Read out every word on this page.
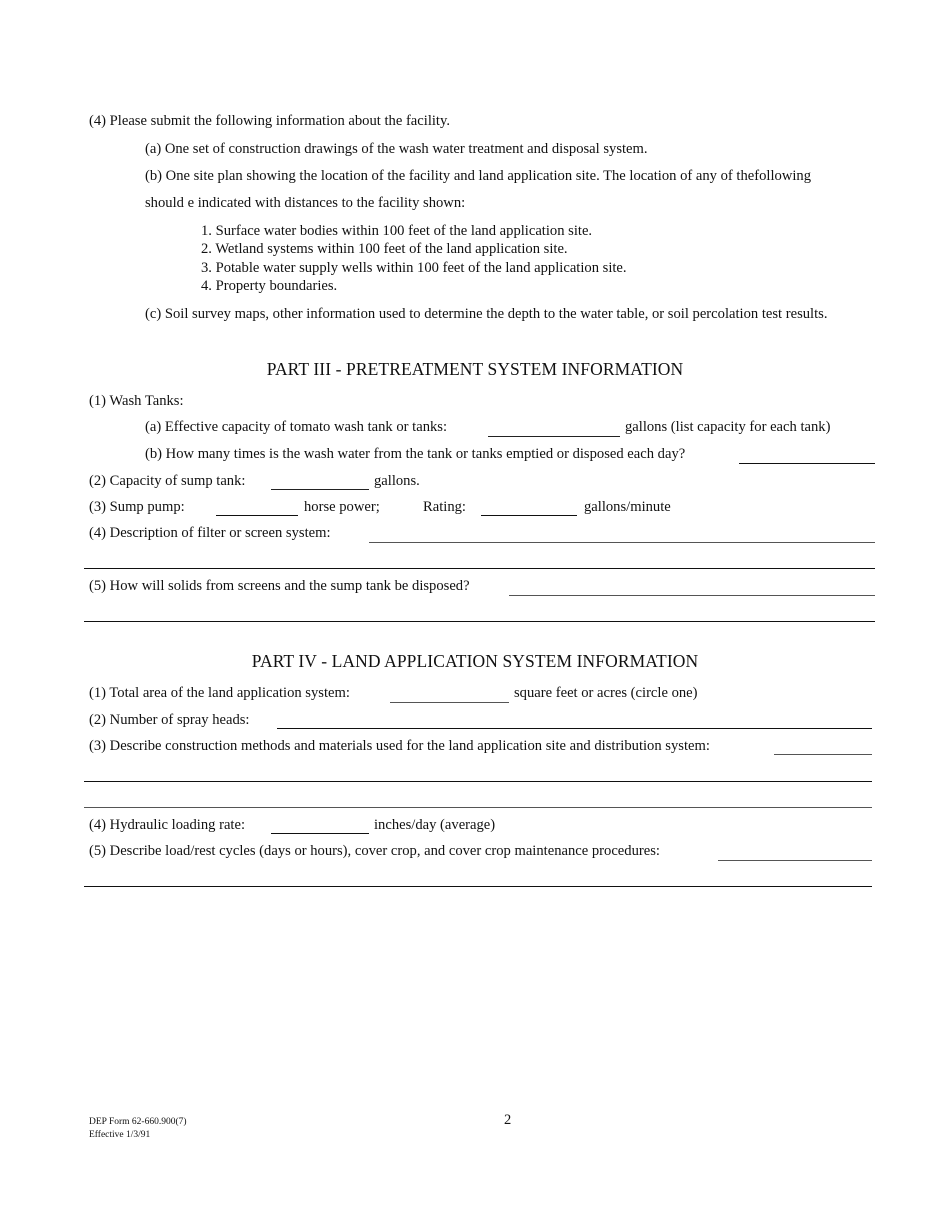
(4) Please submit the following information about the facility.
(a) One set of construction drawings of the wash water treatment and disposal system.
(b) One site plan showing the location of the facility and land application site. The location of any of thefollowing
should e indicated with distances to the facility shown:
1. Surface water bodies within 100 feet of the land application site.
2. Wetland systems within 100 feet of the land application site.
3. Potable water supply wells within 100 feet of the land application site.
4. Property boundaries.
(c) Soil survey maps, other information used to determine the depth to the water table, or soil percolation test results.
PART III - PRETREATMENT SYSTEM INFORMATION
(1) Wash Tanks:
(a) Effective capacity of tomato wash tank or tanks:	gallons (list capacity for each tank)
(b) How many times is the wash water from the tank or tanks emptied or disposed each day?
(2) Capacity of sump tank:	gallons.
(3) Sump pump:	horse power;	Rating:	gallons/minute
(4) Description of filter or screen system:
(5) How will solids from screens and the sump tank be disposed?
PART IV - LAND APPLICATION SYSTEM INFORMATION
(1) Total area of the land application system:	square feet or acres (circle one)
(2) Number of spray heads:
(3) Describe construction methods and materials used for the land application site and distribution system:
(4) Hydraulic loading rate:	inches/day (average)
(5) Describe load/rest cycles (days or hours), cover crop, and cover crop maintenance procedures:
DEP Form 62-660.900(7)
Effective 1/3/91
2
